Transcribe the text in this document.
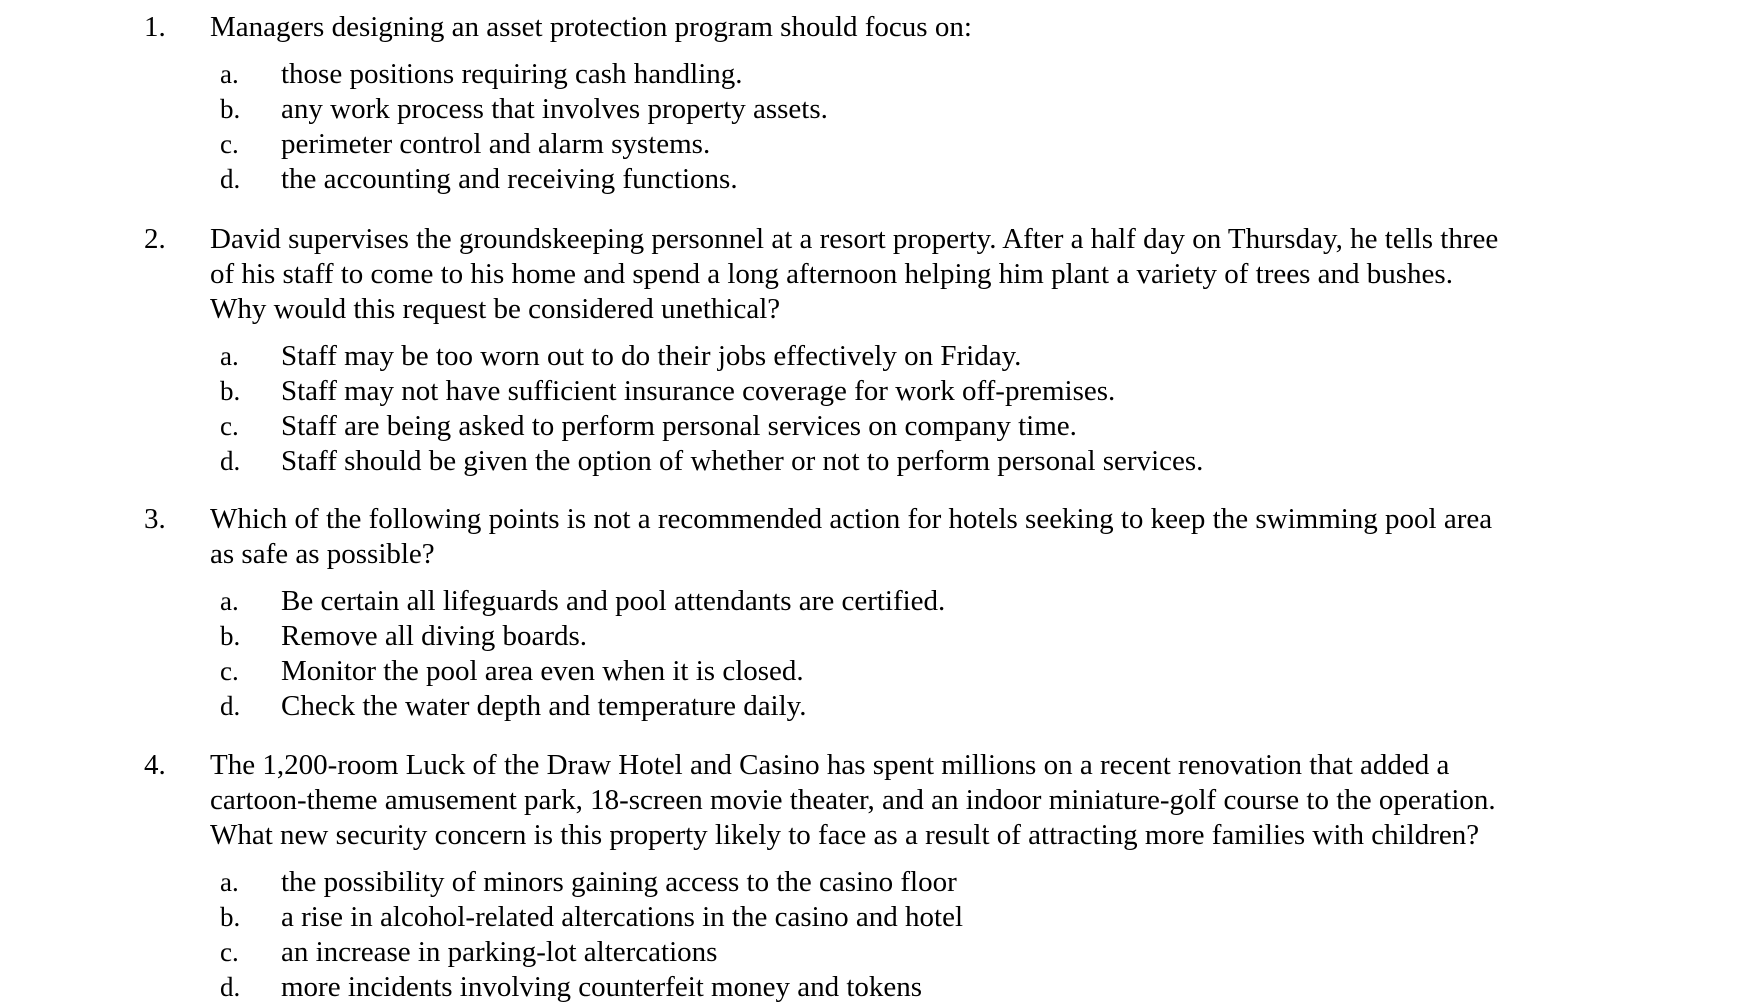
1. Managers designing an asset protection program should focus on:
a. those positions requiring cash handling.
b. any work process that involves property assets.
c. perimeter control and alarm systems.
d. the accounting and receiving functions.
2. David supervises the groundskeeping personnel at a resort property. After a half day on Thursday, he tells three
of his staff to come to his home and spend a long afternoon helping him plant a variety of trees and bushes.
Why would this request be considered unethical?
a. Staff may be too worn out to do their jobs effectively on Friday.
b. Staff may not have sufficient insurance coverage for work off-premises.
c. Staff are being asked to perform personal services on company time.
d. Staff should be given the option of whether or not to perform personal services.
3. Which of the following points is not a recommended action for hotels seeking to keep the swimming pool area
as safe as possible?
a. Be certain all lifeguards and pool attendants are certified.
b. Remove all diving boards.
c. Monitor the pool area even when it is closed.
d. Check the water depth and temperature daily.
4. The 1,200-room Luck of the Draw Hotel and Casino has spent millions on a recent renovation that added a
cartoon-theme amusement park, 18-screen movie theater, and an indoor miniature-golf course to the operation.
What new security concern is this property likely to face as a result of attracting more families with children?
a. the possibility of minors gaining access to the casino floor
b. a rise in alcohol-related altercations in the casino and hotel
c. an increase in parking-lot altercations
d. more incidents involving counterfeit money and tokens
